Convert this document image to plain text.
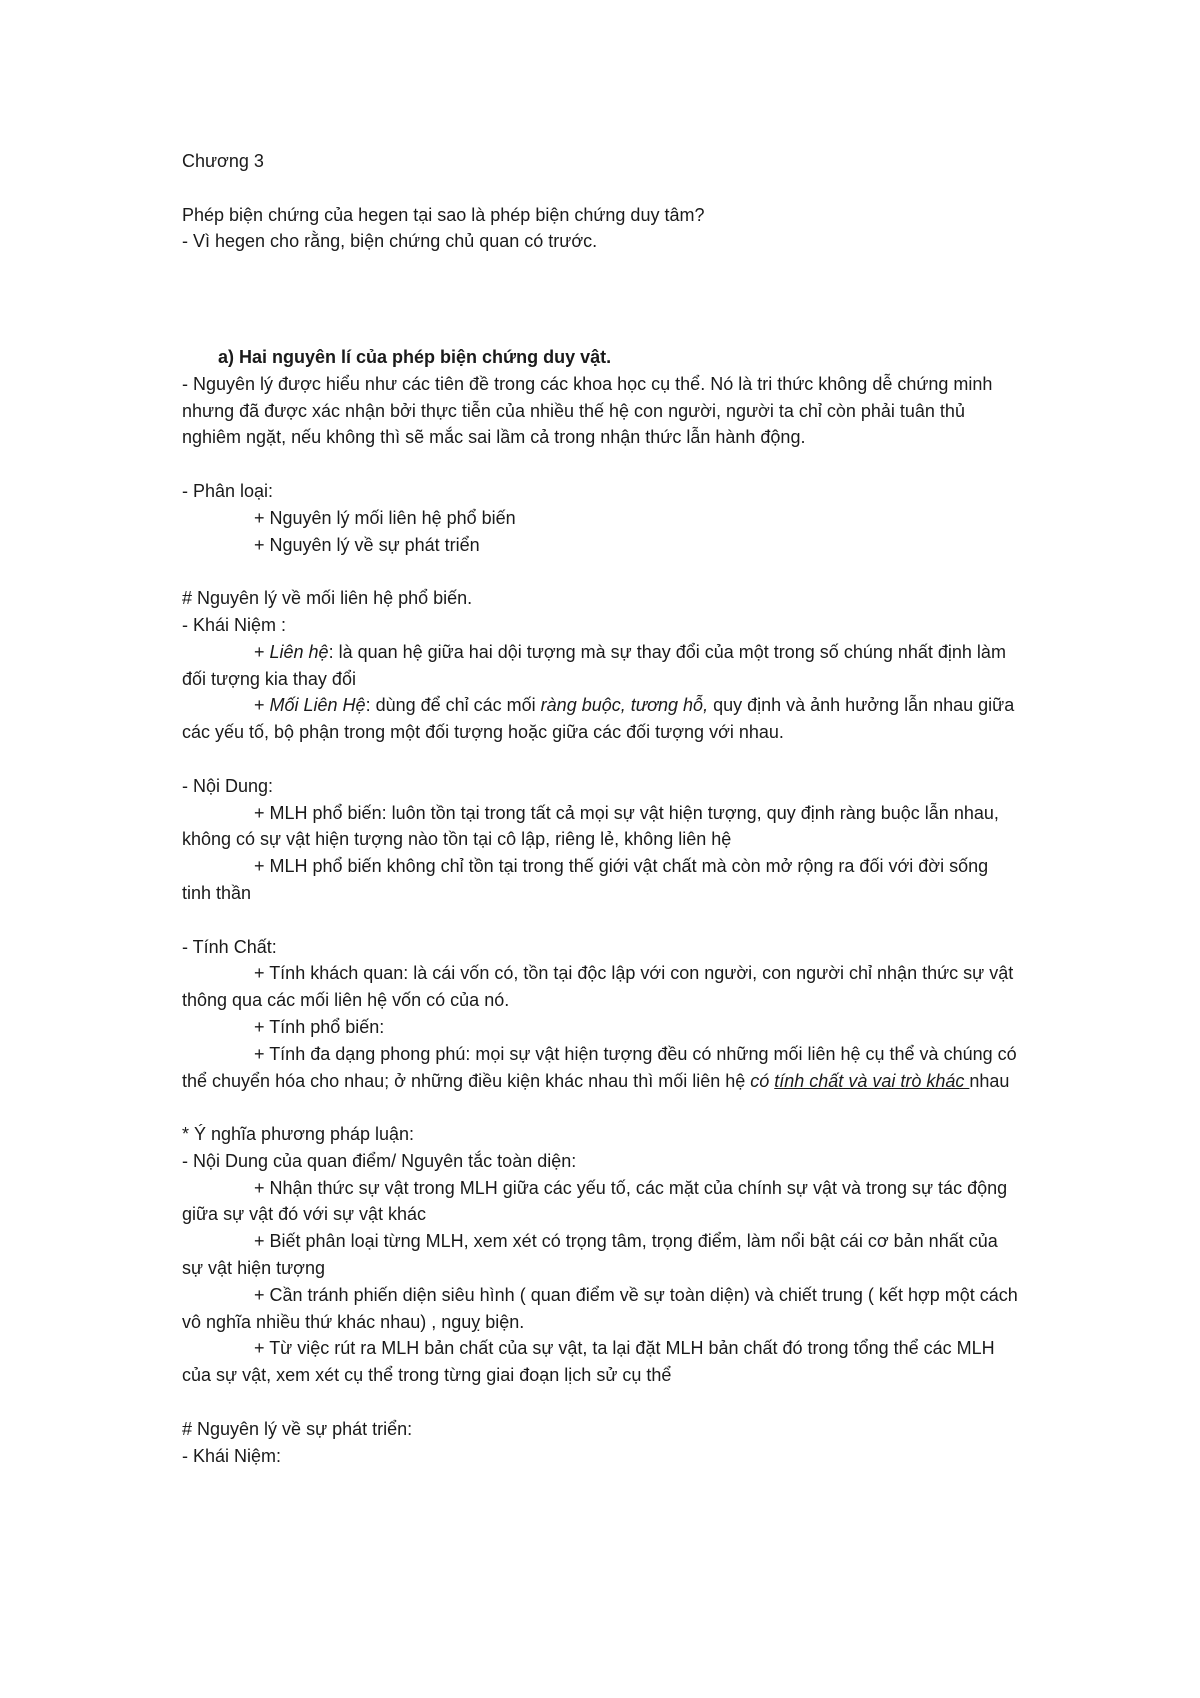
Chương 3

Phép biện chứng của hegen tại sao là phép biện chứng duy tâm?

- Vì hegen cho rằng, biện chứng chủ quan có trước.

a) Hai nguyên lí của phép biện chứng duy vật.

- Nguyên lý được hiểu như các tiên đề trong các khoa học cụ thể. Nó là tri thức không dễ chứng minh nhưng đã được xác nhận bởi thực tiễn của nhiều thế hệ con người, người ta chỉ còn phải tuân thủ nghiêm ngặt, nếu không thì sẽ mắc sai lầm cả trong nhận thức lẫn hành động.

- Phân loại:

+ Nguyên lý mối liên hệ phổ biến

+ Nguyên lý về sự phát triển

# Nguyên lý về mối liên hệ phổ biến.

- Khái Niệm :

+ Liên hệ: là quan hệ giữa hai dội tượng mà sự thay đổi của một trong số chúng nhất định làm đối tượng kia thay đổi

+ Mối Liên Hệ: dùng để chỉ các mối ràng buộc, tương hỗ, quy định và ảnh hưởng lẫn nhau giữa các yếu tố, bộ phận trong một đối tượng hoặc giữa các đối tượng với nhau.

- Nội Dung:

+ MLH phổ biến: luôn tồn tại trong tất cả mọi sự vật hiện tượng, quy định ràng buộc lẫn nhau, không có sự vật hiện tượng nào tồn tại cô lập, riêng lẻ, không liên hệ

+ MLH phổ biến không chỉ tồn tại trong thế giới vật chất mà còn mở rộng ra đối với đời sống tinh thần

- Tính Chất:

+ Tính khách quan: là cái vốn có, tồn tại độc lập với con người, con người chỉ nhận thức sự vật thông qua các mối liên hệ vốn có của nó.

+ Tính phổ biến:

+ Tính đa dạng phong phú: mọi sự vật hiện tượng đều có những mối liên hệ cụ thể và chúng có thể chuyển hóa cho nhau; ở những điều kiện khác nhau thì mối liên hệ có tính chất và vai trò khác nhau

* Ý nghĩa phương pháp luận:

- Nội Dung của quan điểm/ Nguyên tắc toàn diện:

+ Nhận thức sự vật trong MLH giữa các yếu tố, các mặt của chính sự vật và trong sự tác động giữa sự vật đó với sự vật khác

+ Biết phân loại từng MLH, xem xét có trọng tâm, trọng điểm, làm nổi bật cái cơ bản nhất của sự vật hiện tượng

+ Cần tránh phiến diện siêu hình ( quan điểm về sự toàn diện) và chiết trung ( kết hợp một cách vô nghĩa nhiều thứ khác nhau) , nguỵ biện.

+ Từ việc rút ra MLH bản chất của sự vật, ta lại đặt MLH bản chất đó trong tổng thể các MLH của sự vật, xem xét cụ thể trong từng giai đoạn lịch sử cụ thể

# Nguyên lý về sự phát triển:

- Khái Niệm:
